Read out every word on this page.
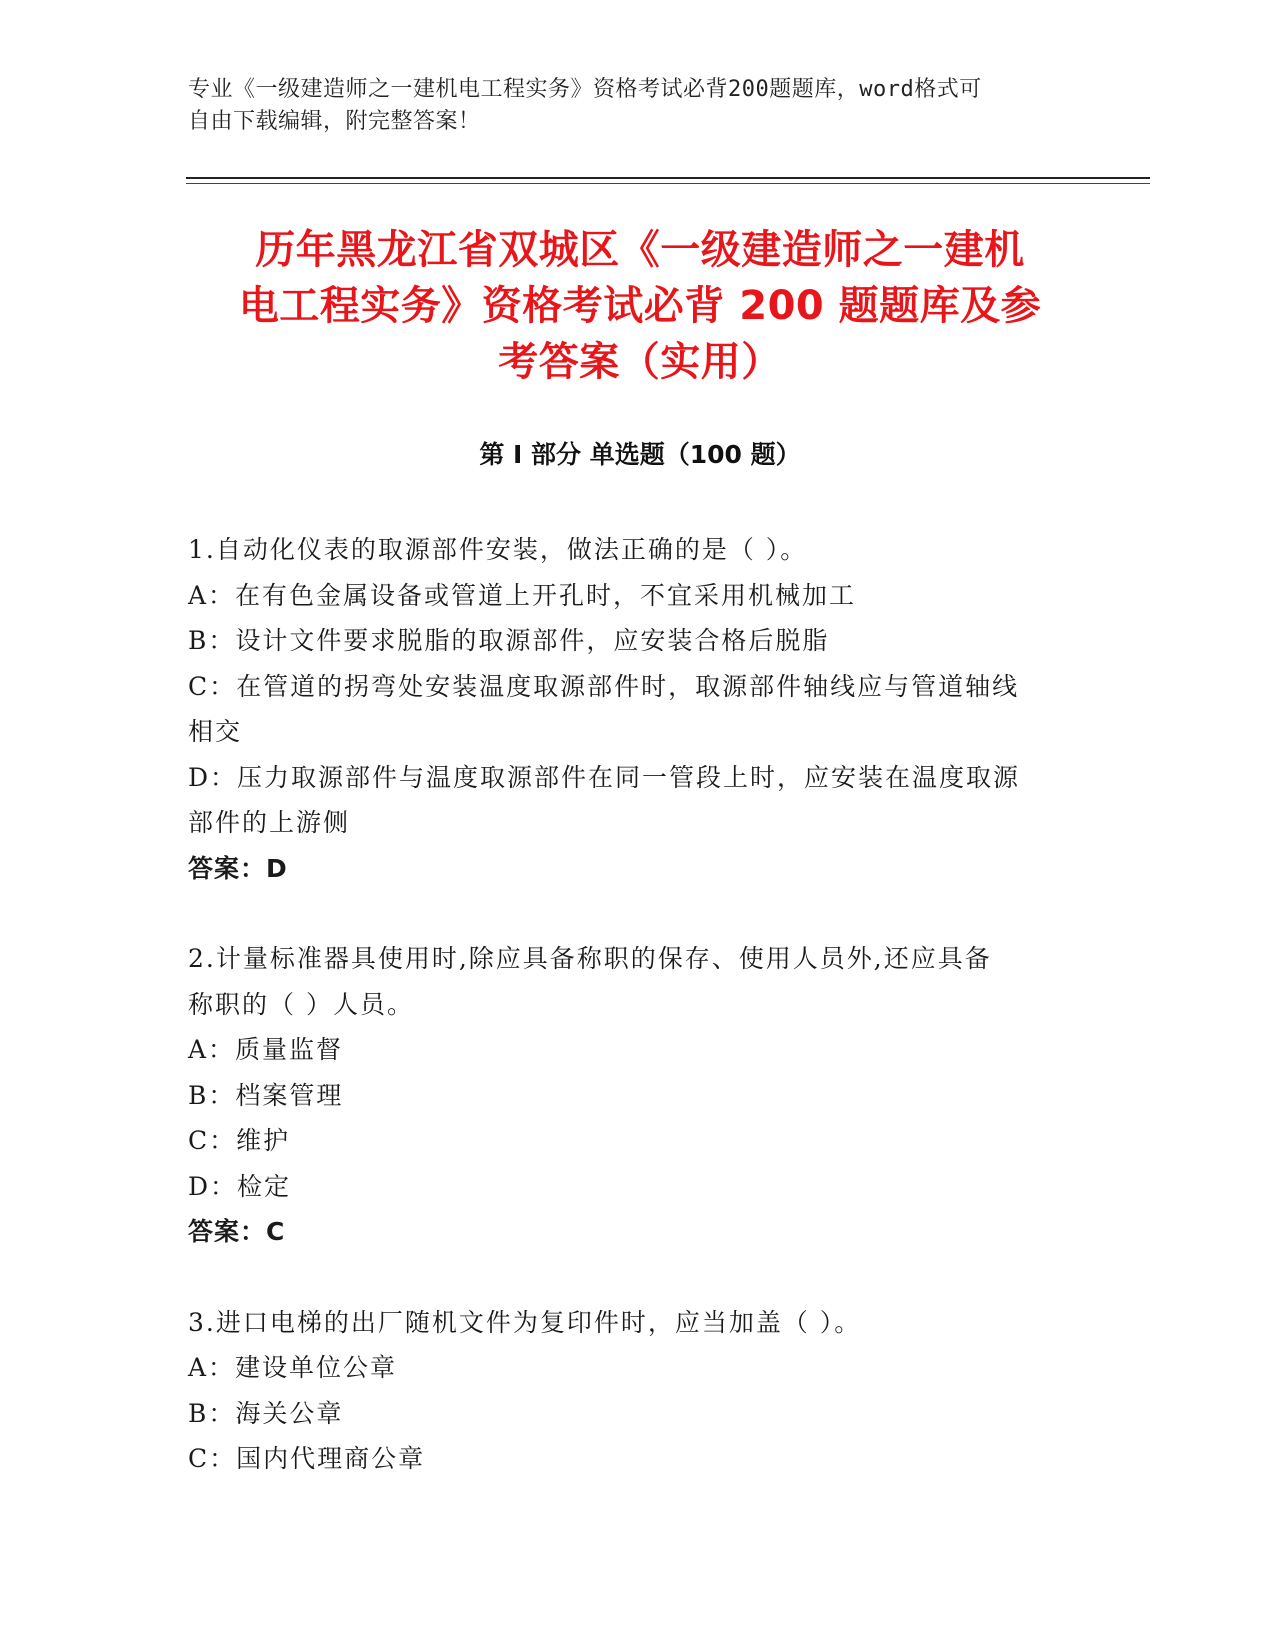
专业《一级建造师之一建机电工程实务》资格考试必背200题题库，word格式可
自由下载编辑，附完整答案！
历年黑龙江省双城区《一级建造师之一建机
电工程实务》资格考试必背 200 题题库及参
考答案（实用）
第 I 部分 单选题（100 题）
1.自动化仪表的取源部件安装，做法正确的是（ ）。
A：在有色金属设备或管道上开孔时，不宜采用机械加工
B：设计文件要求脱脂的取源部件，应安装合格后脱脂
C：在管道的拐弯处安装温度取源部件时，取源部件轴线应与管道轴线
相交
D：压力取源部件与温度取源部件在同一管段上时，应安装在温度取源
部件的上游侧
答案：D
2.计量标准器具使用时,除应具备称职的保存、使用人员外,还应具备
称职的（ ）人员。
A：质量监督
B：档案管理
C：维护
D：检定
答案：C
3.进口电梯的出厂随机文件为复印件时，应当加盖（ ）。
A：建设单位公章
B：海关公章
C：国内代理商公章
